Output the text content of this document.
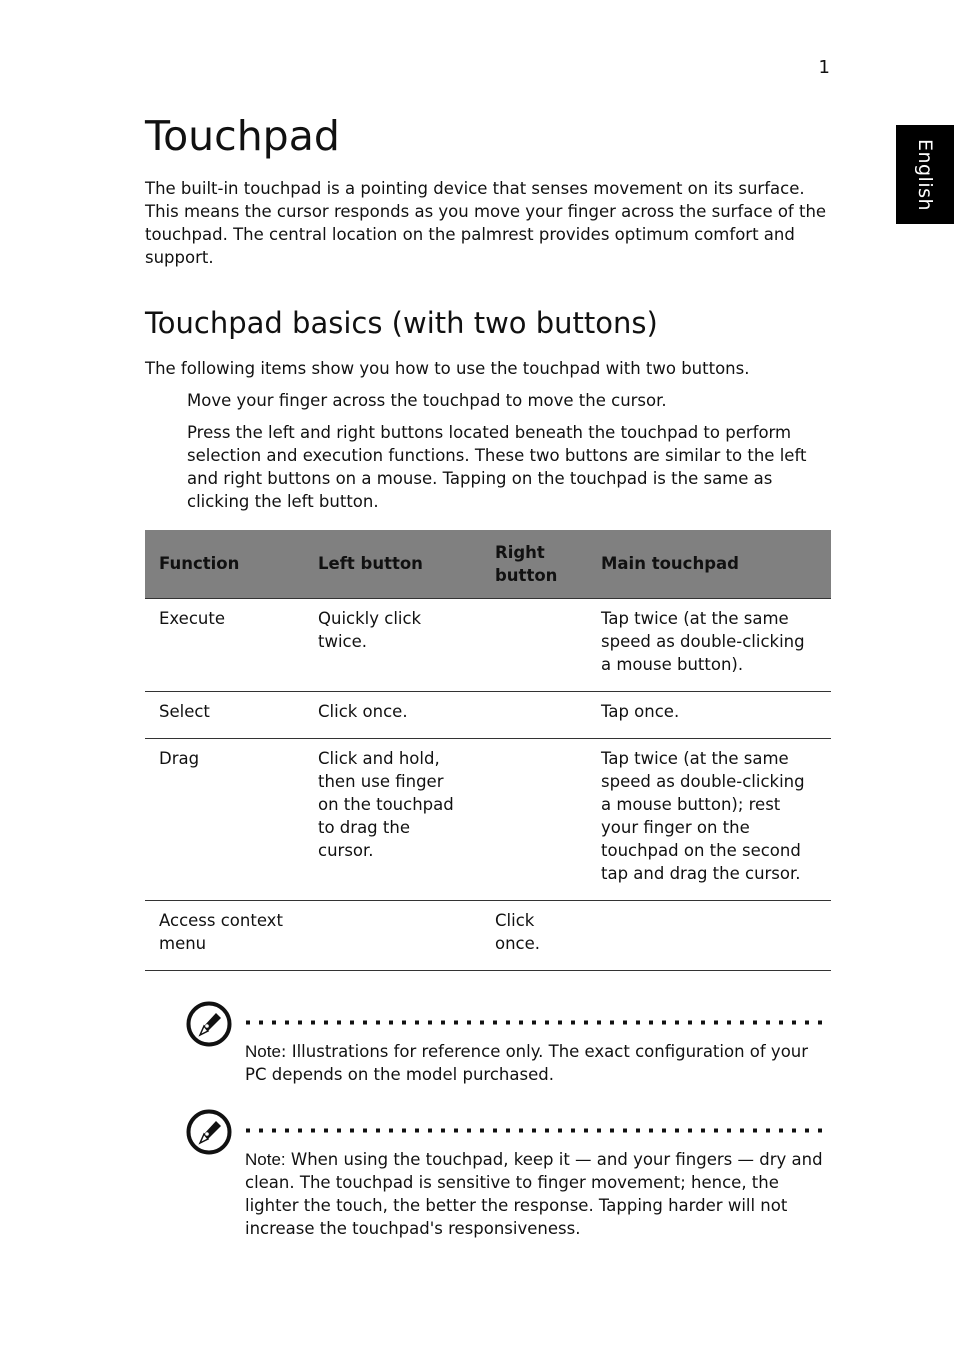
1
English
Touchpad

The built-in touchpad is a pointing device that senses movement on its surface. This means the cursor responds as you move your finger across the surface of the touchpad. The central location on the palmrest provides optimum comfort and support.

Touchpad basics (with two buttons)

The following items show you how to use the touchpad with two buttons.

Move your finger across the touchpad to move the cursor.

Press the left and right buttons located beneath the touchpad to perform selection and execution functions. These two buttons are similar to the left and right buttons on a mouse. Tapping on the touchpad is the same as clicking the left button.

Function	Left button	Right button	Main touchpad
Execute	Quickly click twice.		Tap twice (at the same speed as double-clicking a mouse button).
Select	Click once.		Tap once.
Drag	Click and hold, then use finger on the touchpad to drag the cursor.		Tap twice (at the same speed as double-clicking a mouse button); rest your finger on the touchpad on the second tap and drag the cursor.
Access context menu		Click once.	

Note: Illustrations for reference only. The exact configuration of your PC depends on the model purchased.

Note: When using the touchpad, keep it — and your fingers — dry and clean. The touchpad is sensitive to finger movement; hence, the lighter the touch, the better the response. Tapping harder will not increase the touchpad's responsiveness.
